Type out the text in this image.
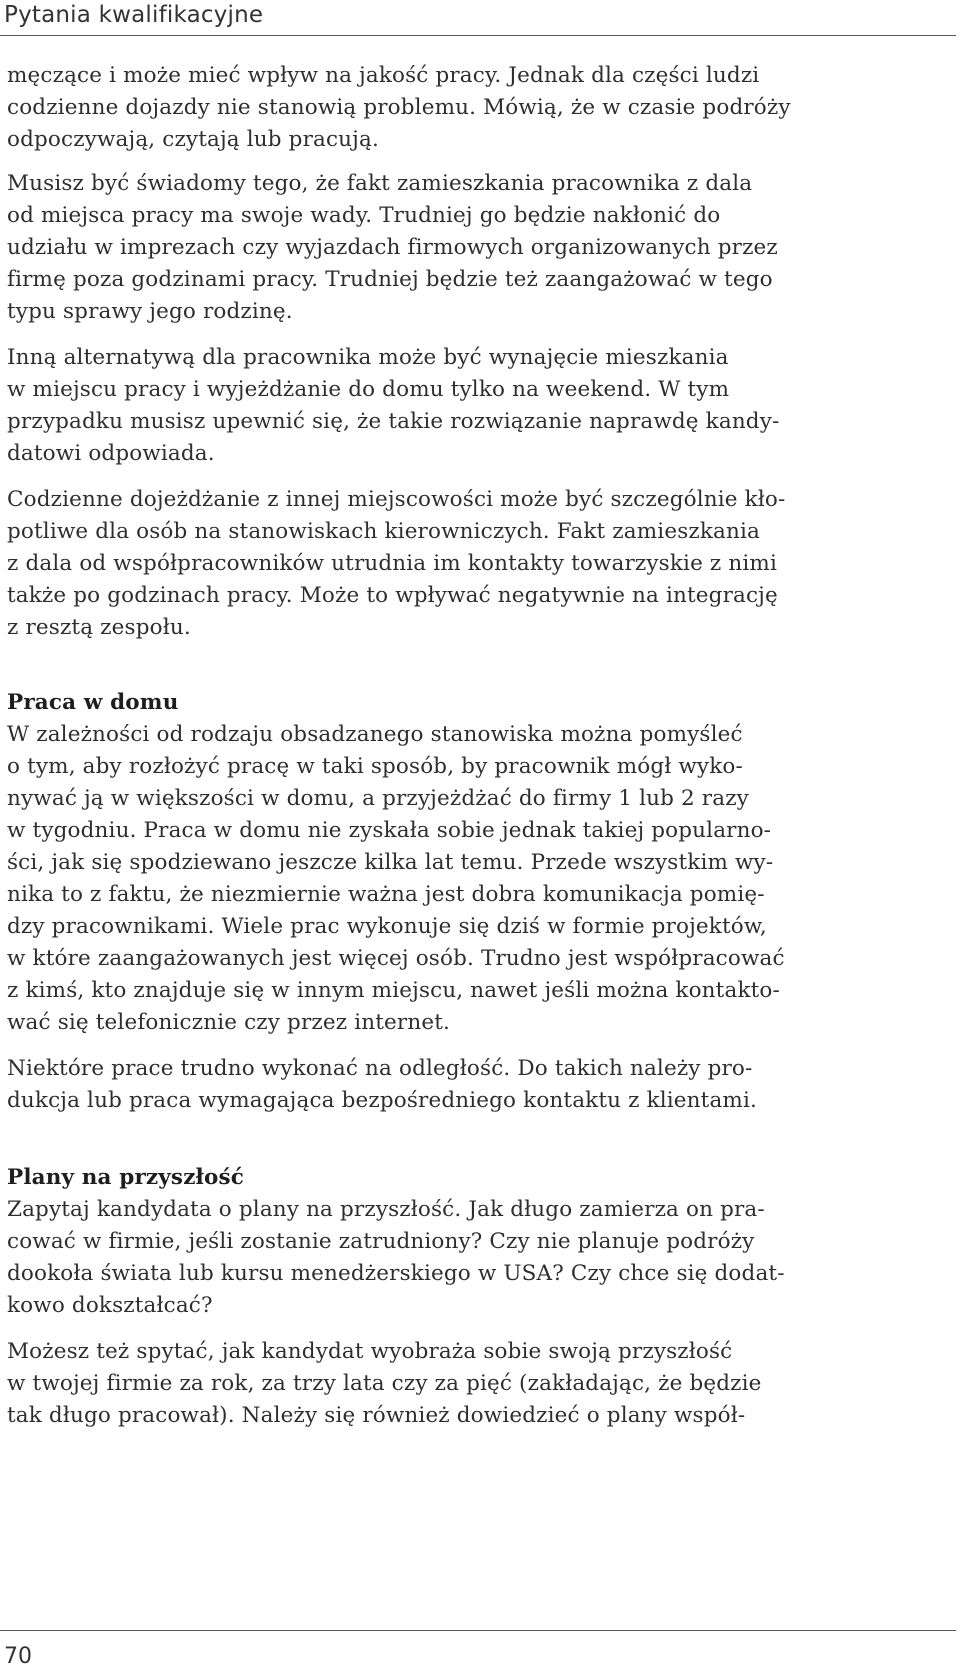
Pytania kwalifikacyjne
męczące i może mieć wpływ na jakość pracy. Jednak dla części ludzi
codzienne dojazdy nie stanowią problemu. Mówią, że w czasie podróży
odpoczywają, czytają lub pracują.
Musisz być świadomy tego, że fakt zamieszkania pracownika z dala
od miejsca pracy ma swoje wady. Trudniej go będzie nakłonić do
udziału w imprezach czy wyjazdach firmowych organizowanych przez
firmę poza godzinami pracy. Trudniej będzie też zaangażować w tego
typu sprawy jego rodzinę.
Inną alternatywą dla pracownika może być wynajęcie mieszkania
w miejscu pracy i wyjeżdżanie do domu tylko na weekend. W tym
przypadku musisz upewnić się, że takie rozwiązanie naprawdę kandy-
datowi odpowiada.
Codzienne dojeżdżanie z innej miejscowości może być szczególnie kło-
potliwe dla osób na stanowiskach kierowniczych. Fakt zamieszkania
z dala od współpracowników utrudnia im kontakty towarzyskie z nimi
także po godzinach pracy. Może to wpływać negatywnie na integrację
z resztą zespołu.
Praca w domu
W zależności od rodzaju obsadzanego stanowiska można pomyśleć
o tym, aby rozłożyć pracę w taki sposób, by pracownik mógł wyko-
nywać ją w większości w domu, a przyjeżdżać do firmy 1 lub 2 razy
w tygodniu. Praca w domu nie zyskała sobie jednak takiej popularno-
ści, jak się spodziewano jeszcze kilka lat temu. Przede wszystkim wy-
nika to z faktu, że niezmiernie ważna jest dobra komunikacja pomię-
dzy pracownikami. Wiele prac wykonuje się dziś w formie projektów,
w które zaangażowanych jest więcej osób. Trudno jest współpracować
z kimś, kto znajduje się w innym miejscu, nawet jeśli można kontakto-
wać się telefonicznie czy przez internet.
Niektóre prace trudno wykonać na odległość. Do takich należy pro-
dukcja lub praca wymagająca bezpośredniego kontaktu z klientami.
Plany na przyszłość
Zapytaj kandydata o plany na przyszłość. Jak długo zamierza on pra-
cować w firmie, jeśli zostanie zatrudniony? Czy nie planuje podróży
dookoła świata lub kursu menedżerskiego w USA? Czy chce się dodat-
kowo dokształcać?
Możesz też spytać, jak kandydat wyobraża sobie swoją przyszłość
w twojej firmie za rok, za trzy lata czy za pięć (zakładając, że będzie
tak długo pracował). Należy się również dowiedzieć o plany współ-
70
